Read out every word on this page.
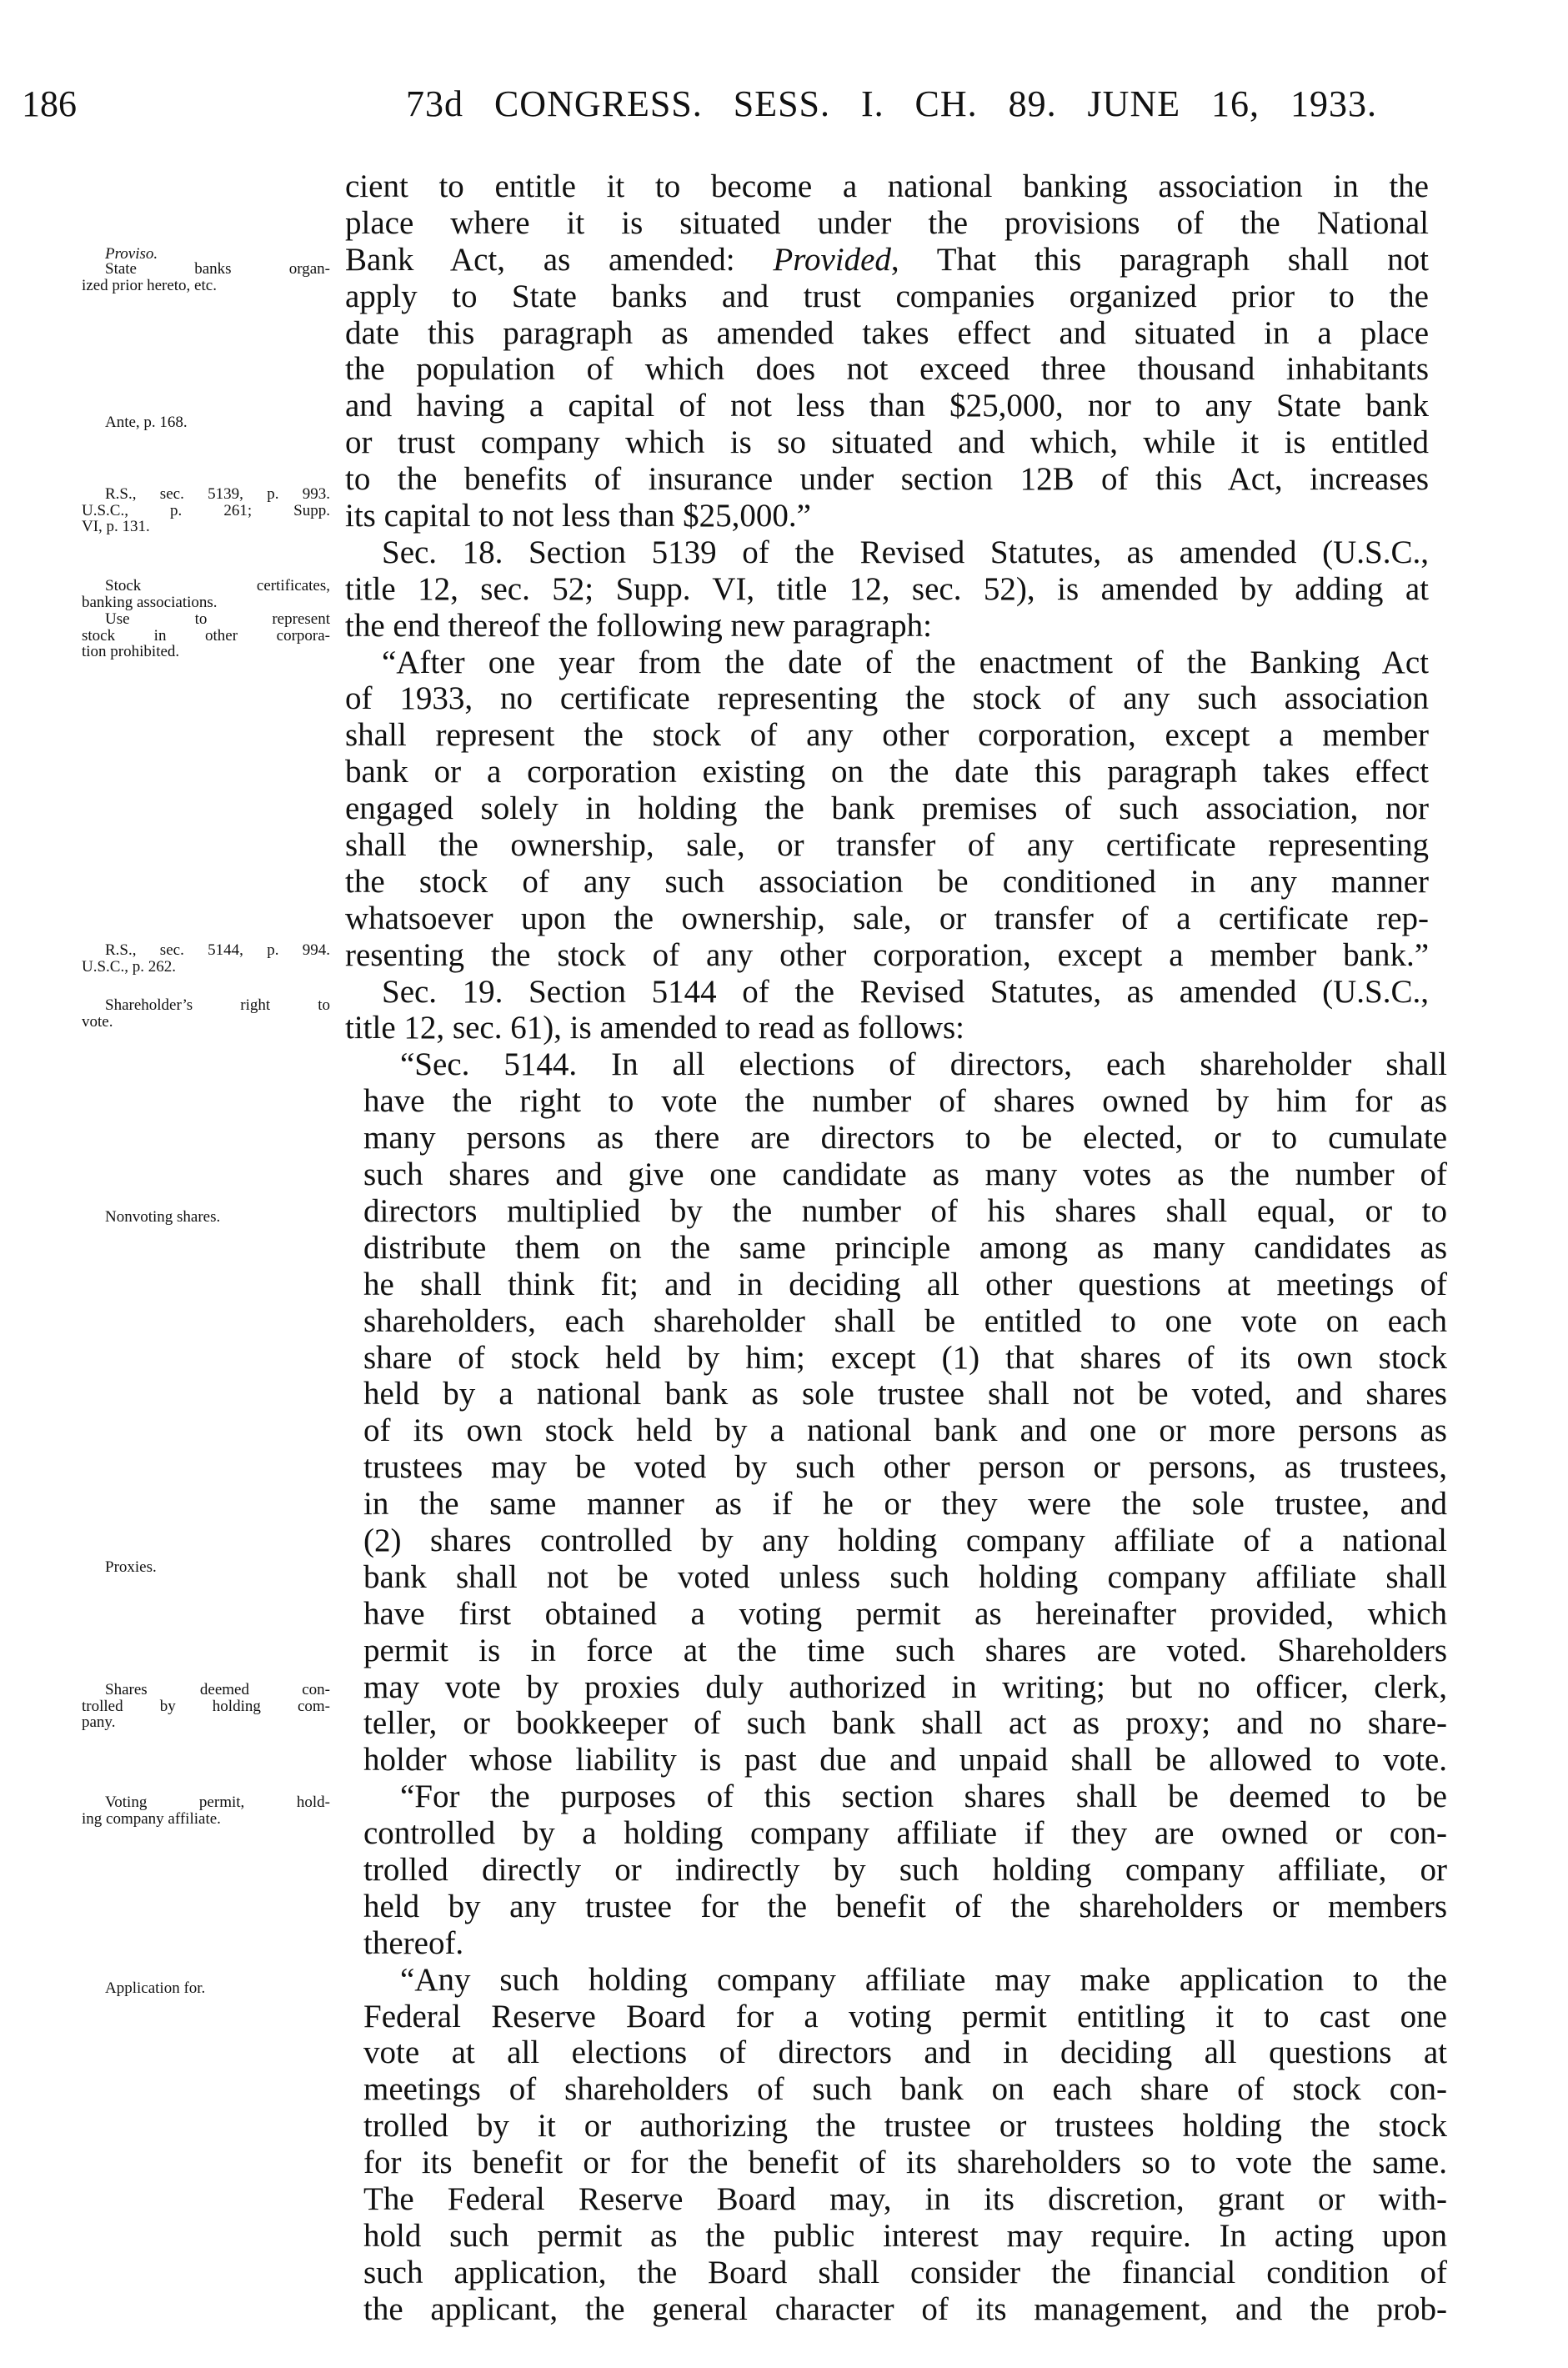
186	73d CONGRESS. SESS. I. CH. 89. JUNE 16, 1933.
cient to entitle it to become a national banking association in the
place where it is situated under the provisions of the National
Bank Act, as amended: Provided, That this paragraph shall not
apply to State banks and trust companies organized prior to the
date this paragraph as amended takes effect and situated in a place
the population of which does not exceed three thousand inhabitants
and having a capital of not less than $25,000, nor to any State bank
or trust company which is so situated and which, while it is entitled
to the benefits of insurance under section 12B of this Act, increases
its capital to not less than $25,000.”
Sec. 18. Section 5139 of the Revised Statutes, as amended (U.S.C.,
title 12, sec. 52; Supp. VI, title 12, sec. 52), is amended by adding at
the end thereof the following new paragraph:
“After one year from the date of the enactment of the Banking Act
of 1933, no certificate representing the stock of any such association
shall represent the stock of any other corporation, except a member
bank or a corporation existing on the date this paragraph takes effect
engaged solely in holding the bank premises of such association, nor
shall the ownership, sale, or transfer of any certificate representing
the stock of any such association be conditioned in any manner
whatsoever upon the ownership, sale, or transfer of a certificate rep-
resenting the stock of any other corporation, except a member bank.”
Sec. 19. Section 5144 of the Revised Statutes, as amended (U.S.C.,
title 12, sec. 61), is amended to read as follows:
“Sec. 5144. In all elections of directors, each shareholder shall
have the right to vote the number of shares owned by him for as
many persons as there are directors to be elected, or to cumulate
such shares and give one candidate as many votes as the number of
directors multiplied by the number of his shares shall equal, or to
distribute them on the same principle among as many candidates as
he shall think fit; and in deciding all other questions at meetings of
shareholders, each shareholder shall be entitled to one vote on each
share of stock held by him; except (1) that shares of its own stock
held by a national bank as sole trustee shall not be voted, and shares
of its own stock held by a national bank and one or more persons as
trustees may be voted by such other person or persons, as trustees,
in the same manner as if he or they were the sole trustee, and
(2) shares controlled by any holding company affiliate of a national
bank shall not be voted unless such holding company affiliate shall
have first obtained a voting permit as hereinafter provided, which
permit is in force at the time such shares are voted. Shareholders
may vote by proxies duly authorized in writing; but no officer, clerk,
teller, or bookkeeper of such bank shall act as proxy; and no share-
holder whose liability is past due and unpaid shall be allowed to vote.
“For the purposes of this section shares shall be deemed to be
controlled by a holding company affiliate if they are owned or con-
trolled directly or indirectly by such holding company affiliate, or
held by any trustee for the benefit of the shareholders or members
thereof.
“Any such holding company affiliate may make application to the
Federal Reserve Board for a voting permit entitling it to cast one
vote at all elections of directors and in deciding all questions at
meetings of shareholders of such bank on each share of stock con-
trolled by it or authorizing the trustee or trustees holding the stock
for its benefit or for the benefit of its shareholders so to vote the same.
The Federal Reserve Board may, in its discretion, grant or with-
hold such permit as the public interest may require. In acting upon
such application, the Board shall consider the financial condition of
the applicant, the general character of its management, and the prob-
Proviso.
State banks organ-
ized prior hereto, etc.
Ante, p. 168.
R.S., sec. 5139, p. 993.
U.S.C., p. 261; Supp.
VI, p. 131.
Stock certificates,
banking associations.
Use to represent
stock in other corpora-
tion prohibited.
R.S., sec. 5144, p. 994.
U.S.C., p. 262.
Shareholder’s right to
vote.
Nonvoting shares.
Proxies.
Shares deemed con-
trolled by holding com-
pany.
Voting permit, hold-
ing company affiliate.
Application for.
